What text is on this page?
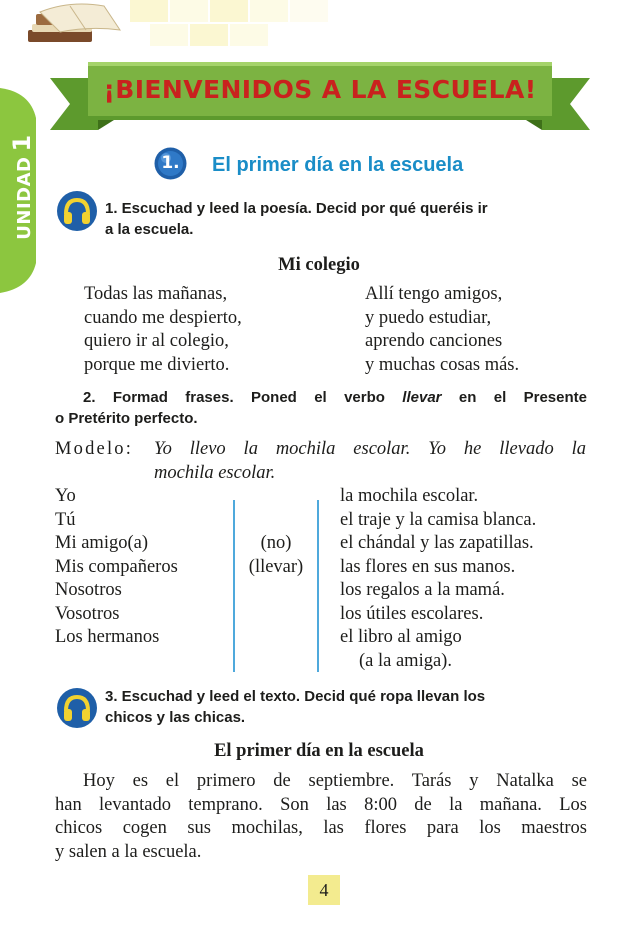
UNIDAD1
¡BIENVENIDOS A LA ESCUELA!
1.	El primer día en la escuela
1. Escuchad y leed la poesía. Decid por qué queréis ir
a la escuela.
Mi colegio
Todas las mañanas,
cuando me despierto,
quiero ir al colegio,
porque me divierto.
Allí tengo amigos,
y puedo estudiar,
aprendo canciones
y muchas cosas más.
2. Formad frases. Poned el verbo llevar en el Presente
o Pretérito perfecto.
Modelo: Yo llevo la mochila escolar. Yo he llevado la
mochila escolar.
Yo
Tú
Mi amigo(a)
Mis compañeros
Nosotros
Vosotros
Los hermanos
(no)
(llevar)
la mochila escolar.
el traje y la camisa blanca.
el chándal y las zapatillas.
las flores en sus manos.
los regalos a la mamá.
los útiles escolares.
el libro al amigo
(a la amiga).
3. Escuchad y leed el texto. Decid qué ropa llevan los
chicos y las chicas.
El primer día en la escuela
Hoy es el primero de septiembre. Tarás y Natalka se
han levantado temprano. Son las 8:00 de la mañana. Los
chicos cogen sus mochilas, las flores para los maestros
y salen a la escuela.
4
